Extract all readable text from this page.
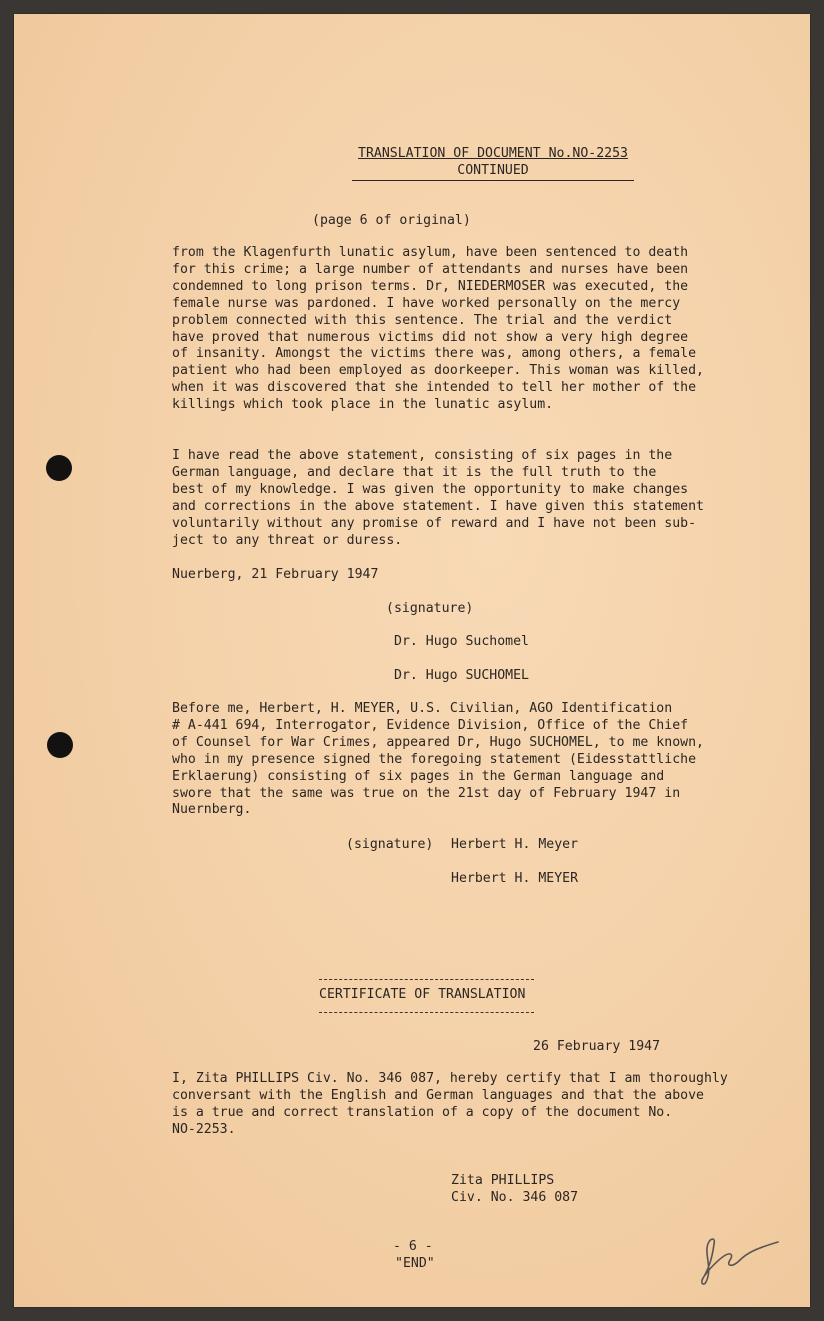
TRANSLATION OF DOCUMENT No.NO-2253
CONTINUED
(page 6 of original)
from the Klagenfurth lunatic asylum, have been sentenced to death
for this crime; a large number of attendants and nurses have been
condemned to long prison terms. Dr, NIEDERMOSER was executed, the
female nurse was pardoned. I have worked personally on the mercy
problem connected with this sentence. The trial and the verdict
have proved that numerous victims did not show a very high degree
of insanity. Amongst the victims there was, among others, a female
patient who had been employed as doorkeeper. This woman was killed,
when it was discovered that she intended to tell her mother of the
killings which took place in the lunatic asylum.
I have read the above statement, consisting of six pages in the
German language, and declare that it is the full truth to the
best of my knowledge. I was given the opportunity to make changes
and corrections in the above statement. I have given this statement
voluntarily without any promise of reward and I have not been sub-
ject to any threat or duress.
Nuerberg, 21 February 1947
(signature)
Dr. Hugo Suchomel
Dr. Hugo SUCHOMEL
Before me, Herbert, H. MEYER, U.S. Civilian, AGO Identification
# A-441 694, Interrogator, Evidence Division, Office of the Chief
of Counsel for War Crimes, appeared Dr, Hugo SUCHOMEL, to me known,
who in my presence signed the foregoing statement (Eidesstattliche
Erklaerung) consisting of six pages in the German language and
swore that the same was true on the 21st day of February 1947 in
Nuernberg.
(signature) Herbert H. Meyer
Herbert H. MEYER
CERTIFICATE OF TRANSLATION
26 February 1947
I, Zita PHILLIPS Civ. No. 346 087, hereby certify that I am thoroughly
conversant with the English and German languages and that the above
is a true and correct translation of a copy of the document No.
NO-2253.
Zita PHILLIPS
Civ. No. 346 087
- 6 -
"END"
